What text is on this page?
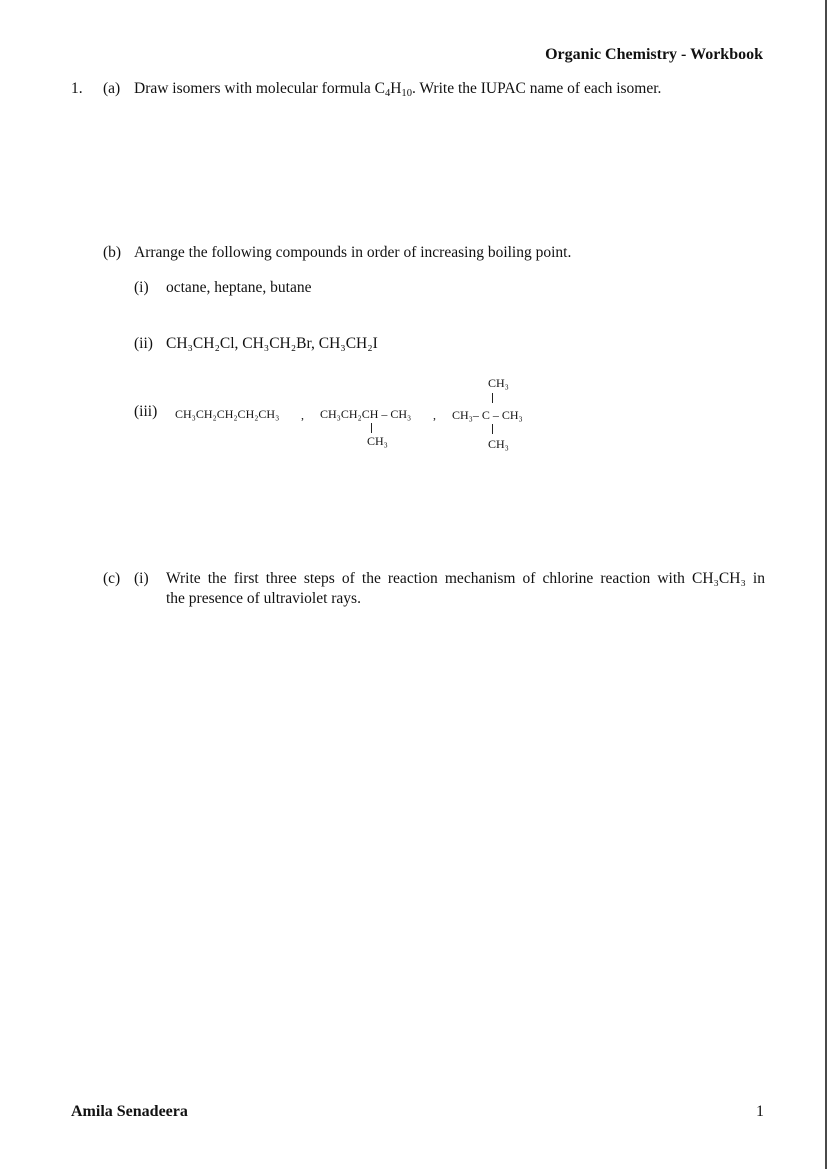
Organic Chemistry - Workbook
1. (a) Draw isomers with molecular formula $C_4H_{10}$. Write the IUPAC name of each isomer.
(b) Arrange the following compounds in order of increasing boiling point.
(i) octane, heptane, butane
(ii) CH₃CH₂Cl, CH₃CH₂Br, CH₃CH₂I
(iii) CH₃CH₂CH₂CH₂CH₃ , CH₃CH₂CH – CH₃
CH₃
,
CH₃
CH₃– C – CH₃
CH₃
(c) (i) Write the first three steps of the reaction mechanism of chlorine reaction with CH₃CH₃ in
the presence of ultraviolet rays.
Amila Senadeera	1
